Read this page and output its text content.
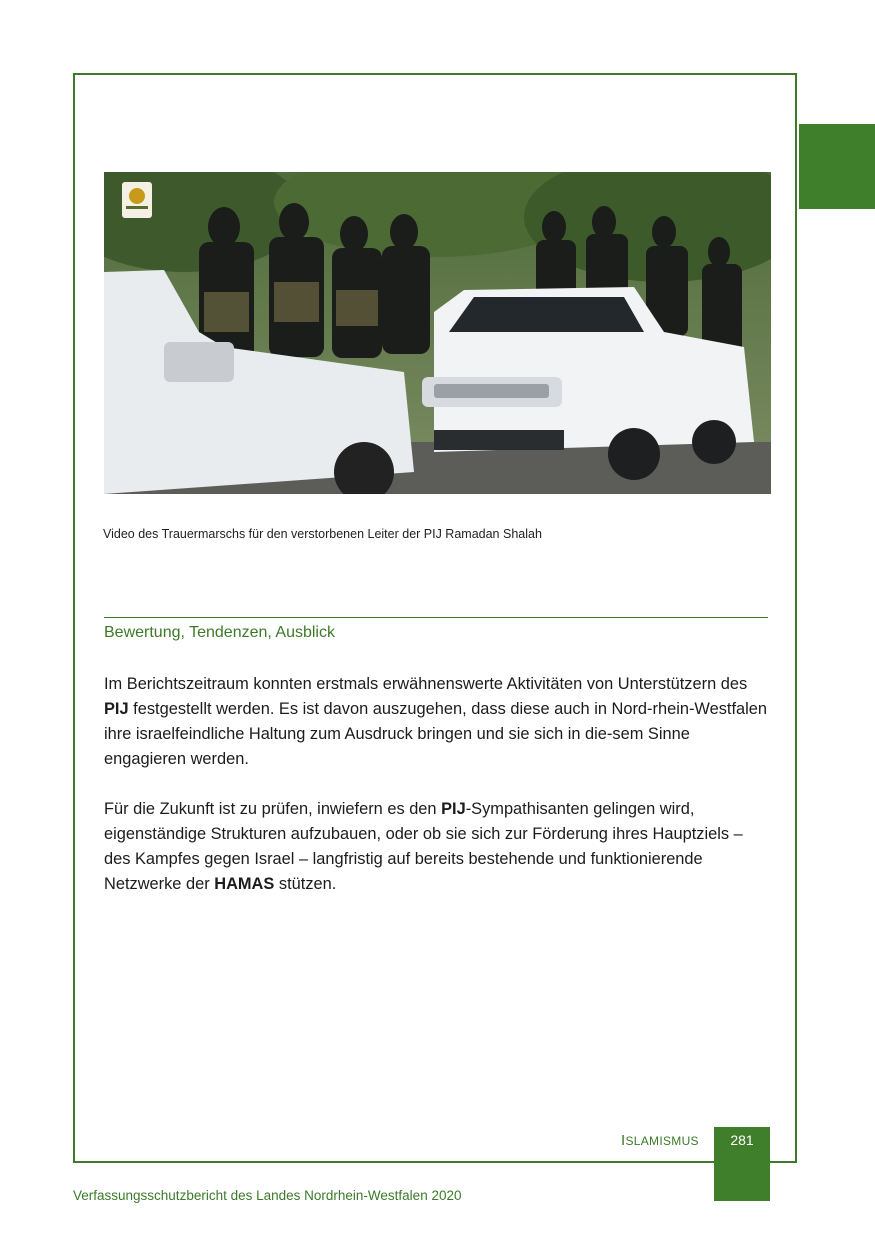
Video des Trauermarschs für den verstorbenen Leiter der PIJ Ramadan Shalah
Bewertung, Tendenzen, Ausblick

Im Berichtszeitraum konnten erstmals erwähnenswerte Aktivitäten von Unterstützern des PIJ festgestellt werden. Es ist davon auszugehen, dass diese auch in Nord-rhein-Westfalen ihre israelfeindliche Haltung zum Ausdruck bringen und sie sich in die-sem Sinne engagieren werden.

Für die Zukunft ist zu prüfen, inwiefern es den PIJ-Sympathisanten gelingen wird, eigenständige Strukturen aufzubauen, oder ob sie sich zur Förderung ihres Hauptziels – des Kampfes gegen Israel – langfristig auf bereits bestehende und funktionierende Netzwerke der HAMAS stützen.

ISLAMISMUS	281
Verfassungsschutzbericht des Landes Nordrhein-Westfalen 2020
